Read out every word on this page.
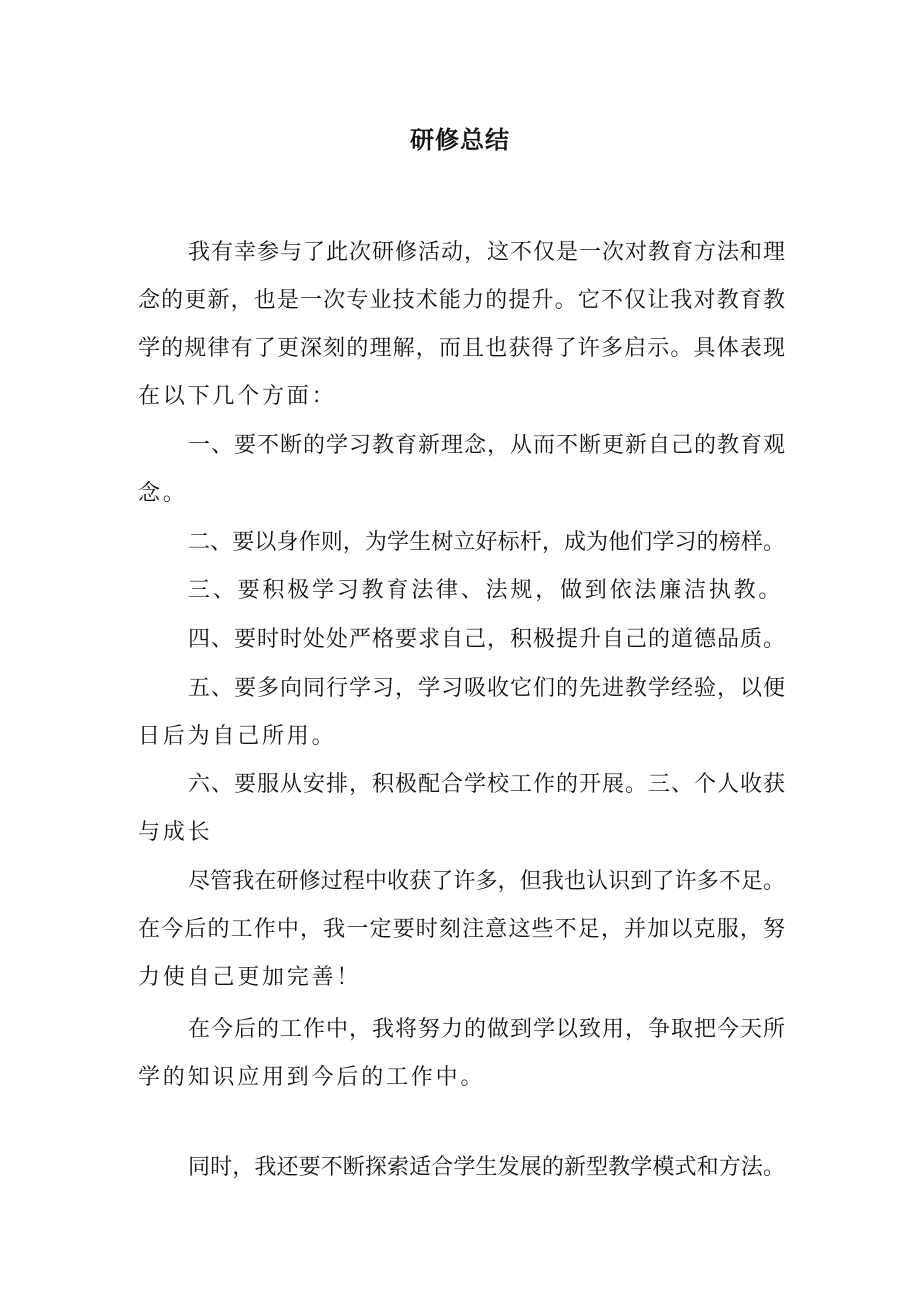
研修总结
我有幸参与了此次研修活动，这不仅是一次对教育方法和理
念的更新，也是一次专业技术能力的提升。它不仅让我对教育教
学的规律有了更深刻的理解，而且也获得了许多启示。具体表现
在以下几个方面：
一、要不断的学习教育新理念，从而不断更新自己的教育观
念。
二、要以身作则，为学生树立好标杆，成为他们学习的榜样。
三、要积极学习教育法律、法规，做到依法廉洁执教。
四、要时时处处严格要求自己，积极提升自己的道德品质。
五、要多向同行学习，学习吸收它们的先进教学经验，以便
日后为自己所用。
六、要服从安排，积极配合学校工作的开展。三、个人收获
与成长
尽管我在研修过程中收获了许多，但我也认识到了许多不足。
在今后的工作中，我一定要时刻注意这些不足，并加以克服，努
力使自己更加完善！
在今后的工作中，我将努力的做到学以致用，争取把今天所
学的知识应用到今后的工作中。
同时，我还要不断探索适合学生发展的新型教学模式和方法。
